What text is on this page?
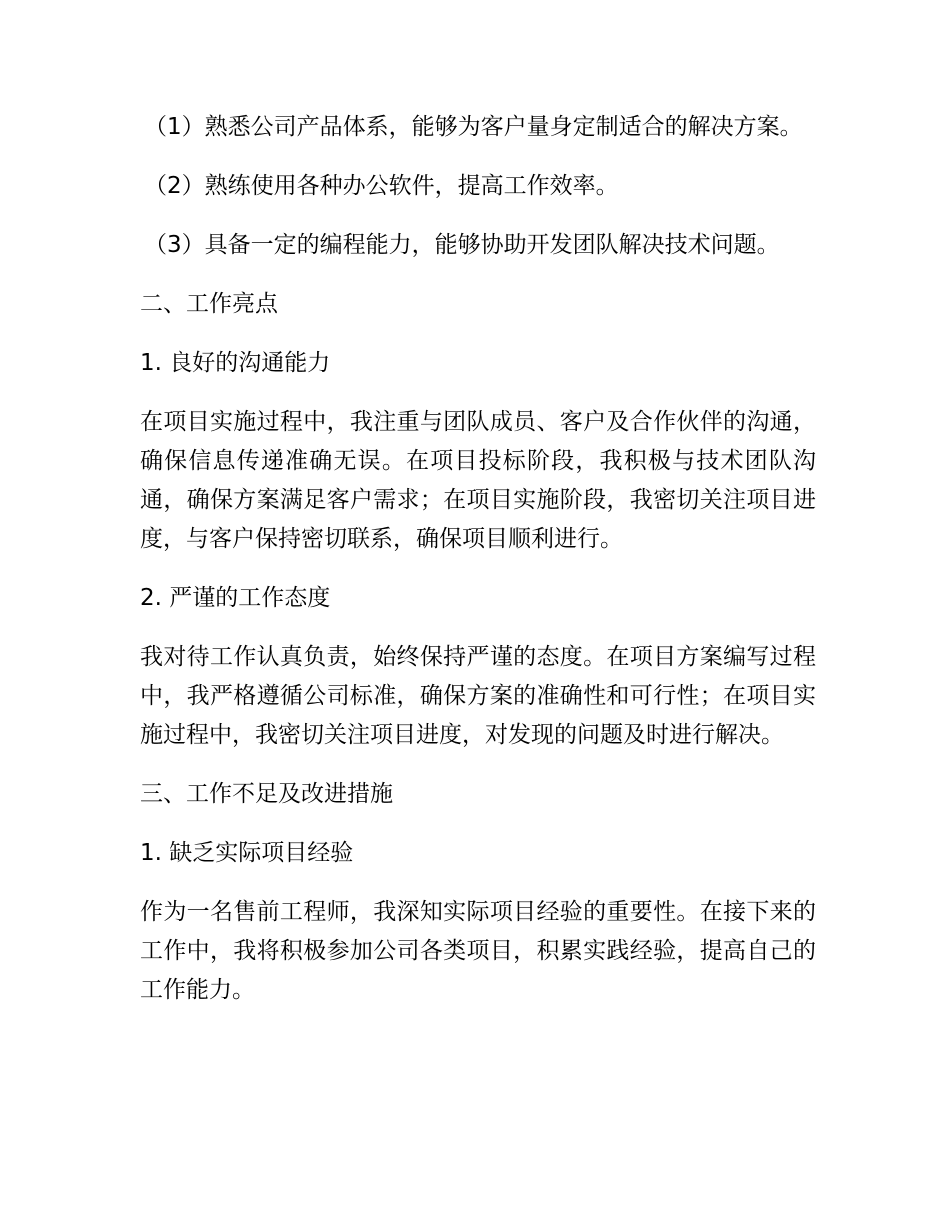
（1）熟悉公司产品体系，能够为客户量身定制适合的解决方案。

（2）熟练使用各种办公软件，提高工作效率。

（3）具备一定的编程能力，能够协助开发团队解决技术问题。

二、工作亮点

1. 良好的沟通能力

在项目实施过程中，我注重与团队成员、客户及合作伙伴的沟通，确保信息传递准确无误。在项目投标阶段，我积极与技术团队沟通，确保方案满足客户需求；在项目实施阶段，我密切关注项目进度，与客户保持密切联系，确保项目顺利进行。

2. 严谨的工作态度

我对待工作认真负责，始终保持严谨的态度。在项目方案编写过程中，我严格遵循公司标准，确保方案的准确性和可行性；在项目实施过程中，我密切关注项目进度，对发现的问题及时进行解决。

三、工作不足及改进措施

1. 缺乏实际项目经验

作为一名售前工程师，我深知实际项目经验的重要性。在接下来的工作中，我将积极参加公司各类项目，积累实践经验，提高自己的工作能力。
